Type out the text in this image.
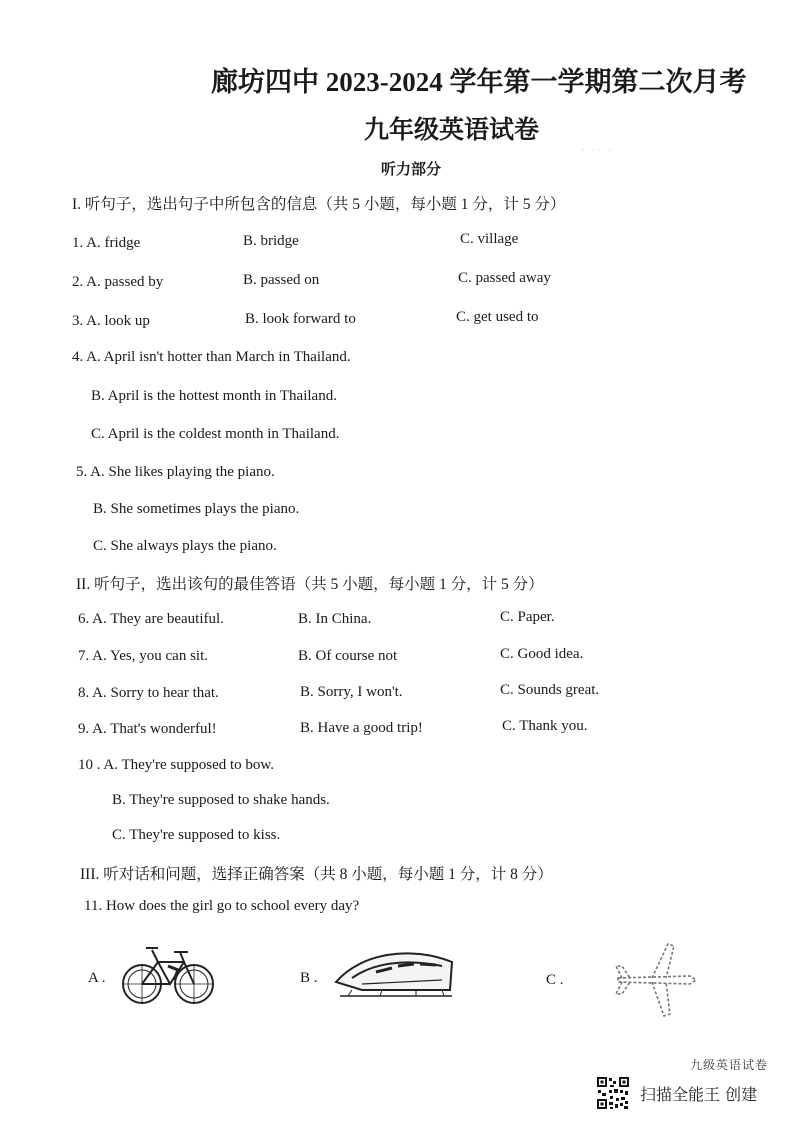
廊坊四中 2023-2024 学年第一学期第二次月考
九年级英语试卷
听力部分
· ·· ·
I. 听句子，选出句子中所包含的信息（共 5 小题，每小题 1 分，计 5 分）
1. A. fridge	B. bridge	C. village
2. A. passed by	B. passed on	C. passed away
3. A. look up	B. look forward to	C. get used to
4. A. April isn't hotter than March in Thailand.
B. April is the hottest month in Thailand.
C. April is the coldest month in Thailand.
5. A. She likes playing the piano.
B. She sometimes plays the piano.
C. She always plays the piano.
II. 听句子，选出该句的最佳答语（共 5 小题，每小题 1 分，计 5 分）
6. A. They are beautiful.	B. In China.	C. Paper.
7. A. Yes, you can sit.	B. Of course not	C. Good idea.
8. A. Sorry to hear that.	B. Sorry, I won't.	C. Sounds great.
9. A. That's wonderful!	B. Have a good trip!	C. Thank you.
10 . A. They're supposed to bow.
B. They're supposed to shake hands.
C. They're supposed to kiss.
III. 听对话和问题，选择正确答案（共 8 小题，每小题 1 分，计 8 分）
11. How does the girl go to school every day?
A .	B .	C .
九级英语试卷
扫描全能王 创建
